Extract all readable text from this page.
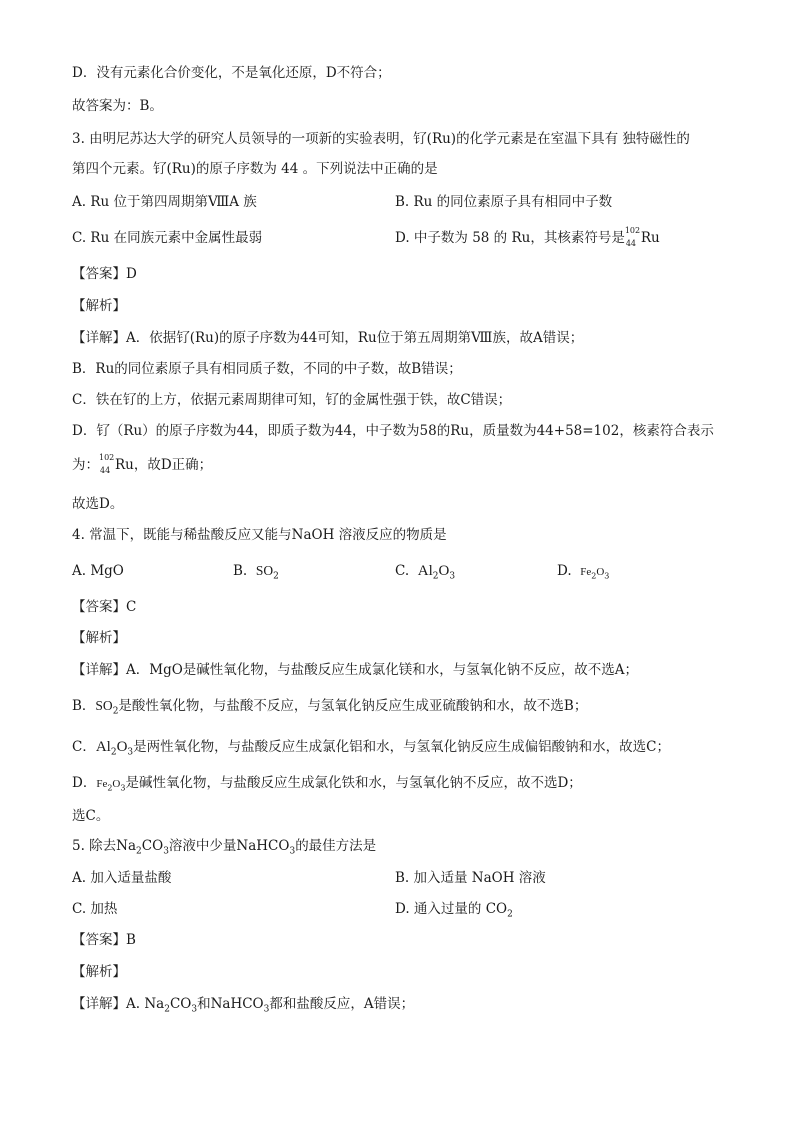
D．没有元素化合价变化，不是氧化还原，D不符合；
故答案为：B。
3. 由明尼苏达大学的研究人员领导的一项新的实验表明，钌(Ru)的化学元素是在室温下具有 独特磁性的
第四个元素。钌(Ru)的原子序数为 44 。下列说法中正确的是
A. Ru 位于第四周期第ⅧA 族	B. Ru 的同位素原子具有相同中子数
C. Ru 在同族元素中金属性最弱	D. 中子数为 58 的 Ru，其核素符号是 102
44 Ru
【答案】D
【解析】
【详解】A．依据钌(Ru)的原子序数为44可知，Ru位于第五周期第Ⅷ族，故A错误；
B．Ru的同位素原子具有相同质子数，不同的中子数，故B错误；
C．铁在钌的上方，依据元素周期律可知，钌的金属性强于铁，故C错误；
D．钌（Ru）的原子序数为44，即质子数为44，中子数为58的Ru，质量数为44+58=102，核素符合表示
为： 102
44 Ru，故D正确；
故选D。
4. 常温下，既能与稀盐酸反应又能与NaOH 溶液反应的物质是
A. MgO	B. $SO_2$	C. $Al_2O_3$	D. $Fe_2O_3$
【答案】C
【解析】
【详解】A．MgO是碱性氧化物，与盐酸反应生成氯化镁和水，与氢氧化钠不反应，故不选A；
B．$SO_2$是酸性氧化物，与盐酸不反应，与氢氧化钠反应生成亚硫酸钠和水，故不选B；
C．$Al_2O_3$是两性氧化物，与盐酸反应生成氯化铝和水，与氢氧化钠反应生成偏铝酸钠和水，故选C；
D．$Fe_2O_3$是碱性氧化物，与盐酸反应生成氯化铁和水，与氢氧化钠不反应，故不选D；
选C。
5. 除去$Na_2CO_3$溶液中少量NaHCO$_3$的最佳方法是
A. 加入适量盐酸	B. 加入适量 NaOH 溶液
C. 加热	D. 通入过量的 $CO_2$
【答案】B
【解析】
【详解】A. $Na_2CO_3$和NaHCO$_3$都和盐酸反应，A错误；
